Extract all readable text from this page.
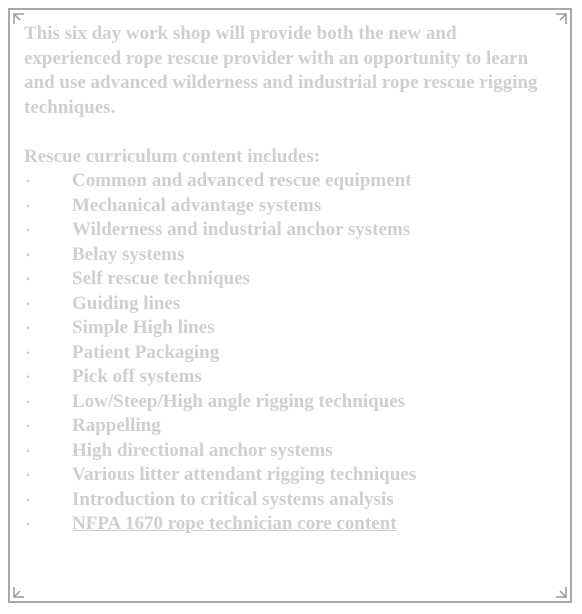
This six day work shop will provide both the new and experienced rope rescue provider with an opportunity to learn and use advanced wilderness and industrial rope rescue rigging techniques.

Rescue curriculum content includes:

• Common and advanced rescue equipment
• Mechanical advantage systems
• Wilderness and industrial anchor systems
• Belay systems
• Self rescue techniques
• Guiding lines
• Simple High lines
• Patient Packaging
• Pick off systems
• Low/Steep/High angle rigging techniques
• Rappelling
• High directional anchor systems
• Various litter attendant rigging techniques
• Introduction to critical systems analysis
• NFPA 1670 rope technician core content
